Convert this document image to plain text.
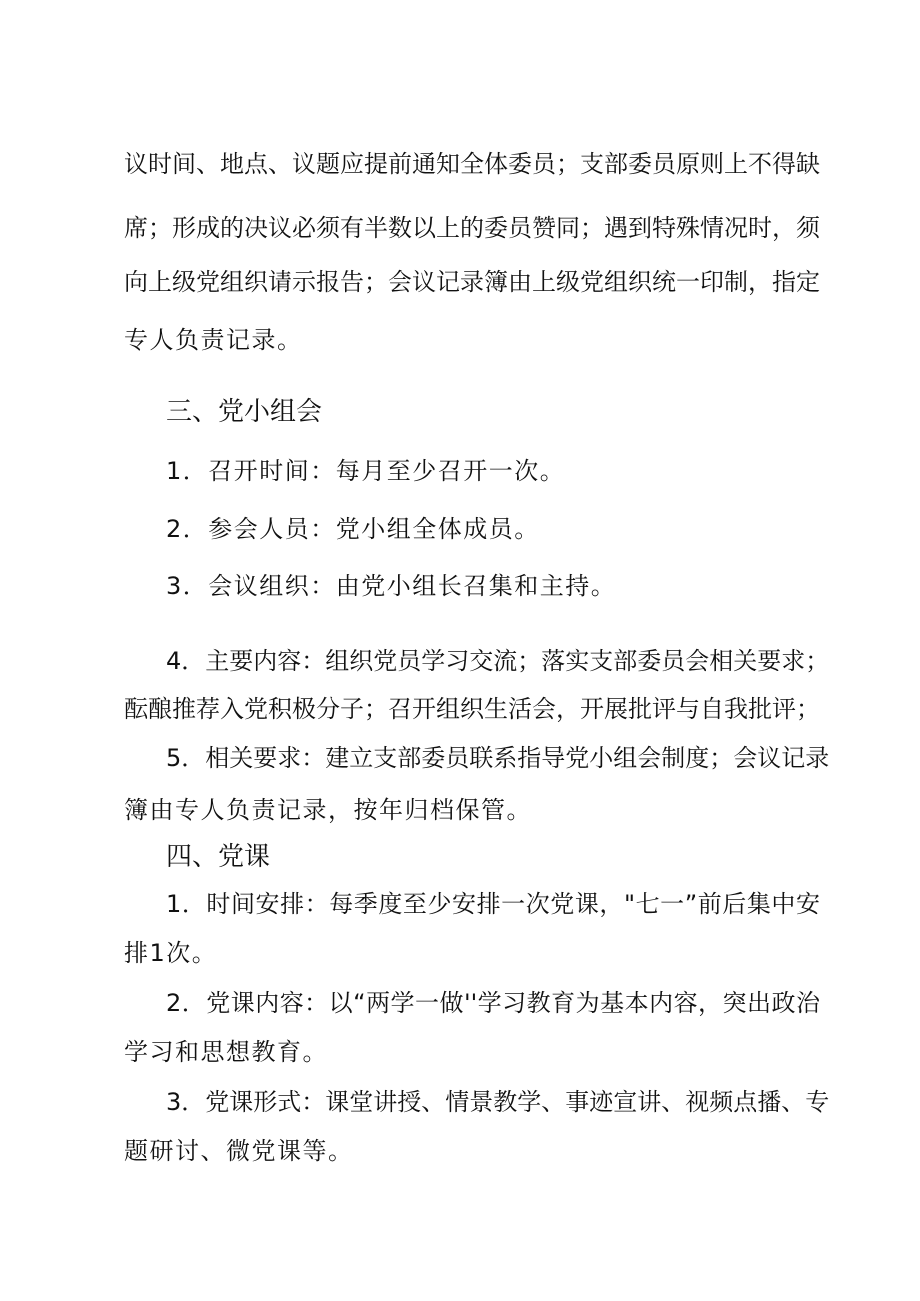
议时间、地点、议题应提前通知全体委员；支部委员原则上不得缺
席；形成的决议必须有半数以上的委员赞同；遇到特殊情况时，须
向上级党组织请示报告；会议记录簿由上级党组织统一印制，指定
专人负责记录。
三、党小组会
1．召开时间：每月至少召开一次。
2．参会人员：党小组全体成员。
3．会议组织：由党小组长召集和主持。
4．主要内容：组织党员学习交流；落实支部委员会相关要求；
酝酿推荐入党积极分子；召开组织生活会，开展批评与自我批评；
5．相关要求：建立支部委员联系指导党小组会制度；会议记录
簿由专人负责记录，按年归档保管。
四、党课
1．时间安排：每季度至少安排一次党课，"七一”前后集中安
排1次。
2．党课内容：以“两学一做''学习教育为基本内容，突出政治
学习和思想教育。
3．党课形式：课堂讲授、情景教学、事迹宣讲、视频点播、专
题研讨、微党课等。
